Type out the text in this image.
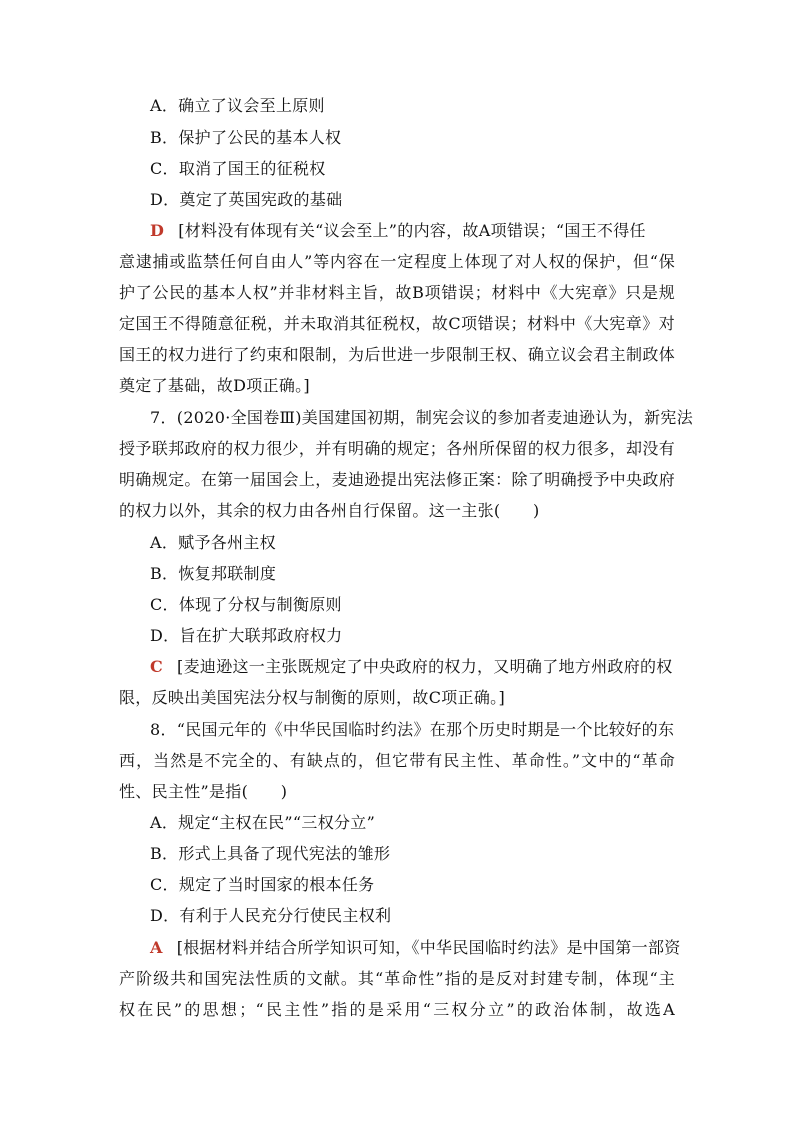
A．确立了议会至上原则
B．保护了公民的基本人权
C．取消了国王的征税权
D．奠定了英国宪政的基础
D [材料没有体现有关“议会至上”的内容，故A项错误；“国王不得任
意逮捕或监禁任何自由人”等内容在一定程度上体现了对人权的保护，但“保
护了公民的基本人权”并非材料主旨，故B项错误；材料中《大宪章》只是规
定国王不得随意征税，并未取消其征税权，故C项错误；材料中《大宪章》对
国王的权力进行了约束和限制，为后世进一步限制王权、确立议会君主制政体
奠定了基础，故D项正确。]
7．(2020·全国卷Ⅲ)美国建国初期，制宪会议的参加者麦迪逊认为，新宪法
授予联邦政府的权力很少，并有明确的规定；各州所保留的权力很多，却没有
明确规定。在第一届国会上，麦迪逊提出宪法修正案：除了明确授予中央政府
的权力以外，其余的权力由各州自行保留。这一主张(　　)
A．赋予各州主权
B．恢复邦联制度
C．体现了分权与制衡原则
D．旨在扩大联邦政府权力
C [麦迪逊这一主张既规定了中央政府的权力，又明确了地方州政府的权
限，反映出美国宪法分权与制衡的原则，故C项正确。]
8．“民国元年的《中华民国临时约法》在那个历史时期是一个比较好的东
西，当然是不完全的、有缺点的，但它带有民主性、革命性。”文中的“革命
性、民主性”是指(　　)
A．规定“主权在民”“三权分立”
B．形式上具备了现代宪法的雏形
C．规定了当时国家的根本任务
D．有利于人民充分行使民主权利
A [根据材料并结合所学知识可知，《中华民国临时约法》是中国第一部资
产阶级共和国宪法性质的文献。其“革命性”指的是反对封建专制，体现“主
权在民”的思想；“民主性”指的是采用“三权分立”的政治体制，故选A
